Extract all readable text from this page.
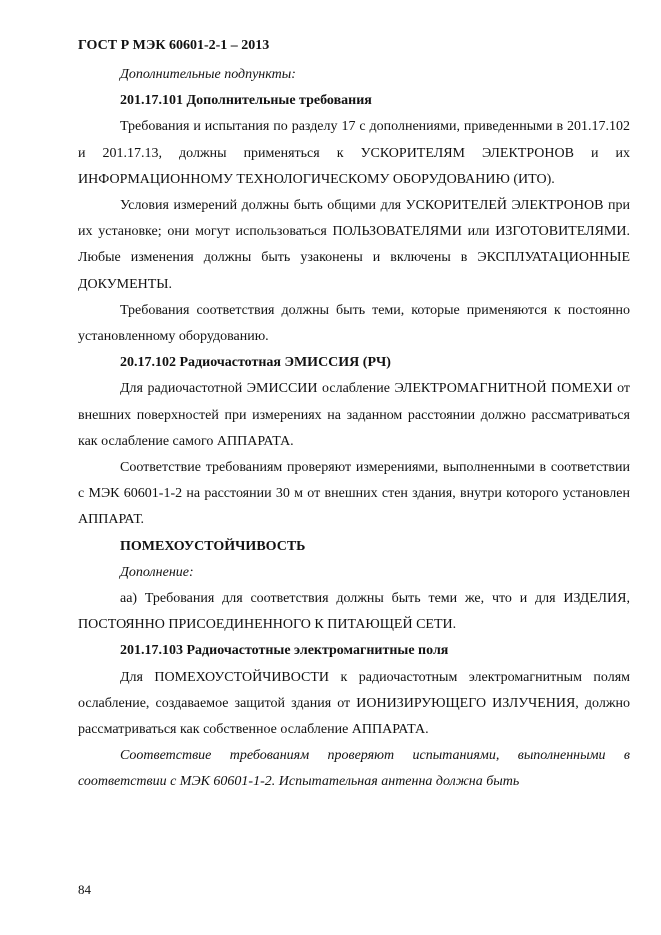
ГОСТ Р МЭК 60601-2-1 – 2013

Дополнительные подпункты:

201.17.101 Дополнительные требования

Требования и испытания по разделу 17 с дополнениями, приведенными в 201.17.102 и 201.17.13, должны применяться к УСКОРИТЕЛЯМ ЭЛЕКТРОНОВ и их ИНФОРМАЦИОННОМУ ТЕХНОЛОГИЧЕСКОМУ ОБОРУДОВАНИЮ (ИТО).

Условия измерений должны быть общими для УСКОРИТЕЛЕЙ ЭЛЕКТРОНОВ при их установке; они могут использоваться ПОЛЬЗОВАТЕЛЯМИ или ИЗГОТОВИТЕЛЯМИ. Любые изменения должны быть узаконены и включены в ЭКСПЛУАТАЦИОННЫЕ ДОКУМЕНТЫ.

Требования соответствия должны быть теми, которые применяются к постоянно установленному оборудованию.

20.17.102 Радиочастотная ЭМИССИЯ (РЧ)

Для радиочастотной ЭМИССИИ ослабление ЭЛЕКТРОМАГНИТНОЙ ПОМЕХИ от внешних поверхностей при измерениях на заданном расстоянии должно рассматриваться как ослабление самого АППАРАТА.

Соответствие требованиям проверяют измерениями, выполненными в соответствии с МЭК 60601-1-2 на расстоянии 30 м от внешних стен здания, внутри которого установлен АППАРАТ.

ПОМЕХОУСТОЙЧИВОСТЬ

Дополнение:

аа) Требования для соответствия должны быть теми же, что и для ИЗДЕЛИЯ, ПОСТОЯННО ПРИСОЕДИНЕННОГО К ПИТАЮЩЕЙ СЕТИ.

201.17.103 Радиочастотные электромагнитные поля

Для ПОМЕХОУСТОЙЧИВОСТИ к радиочастотным электромагнитным полям ослабление, создаваемое защитой здания от ИОНИЗИРУЮЩЕГО ИЗЛУЧЕНИЯ, должно рассматриваться как собственное ослабление АППАРАТА.

Соответствие требованиям проверяют испытаниями, выполненными в соответствии с МЭК 60601-1-2. Испытательная антенна должна быть

84
